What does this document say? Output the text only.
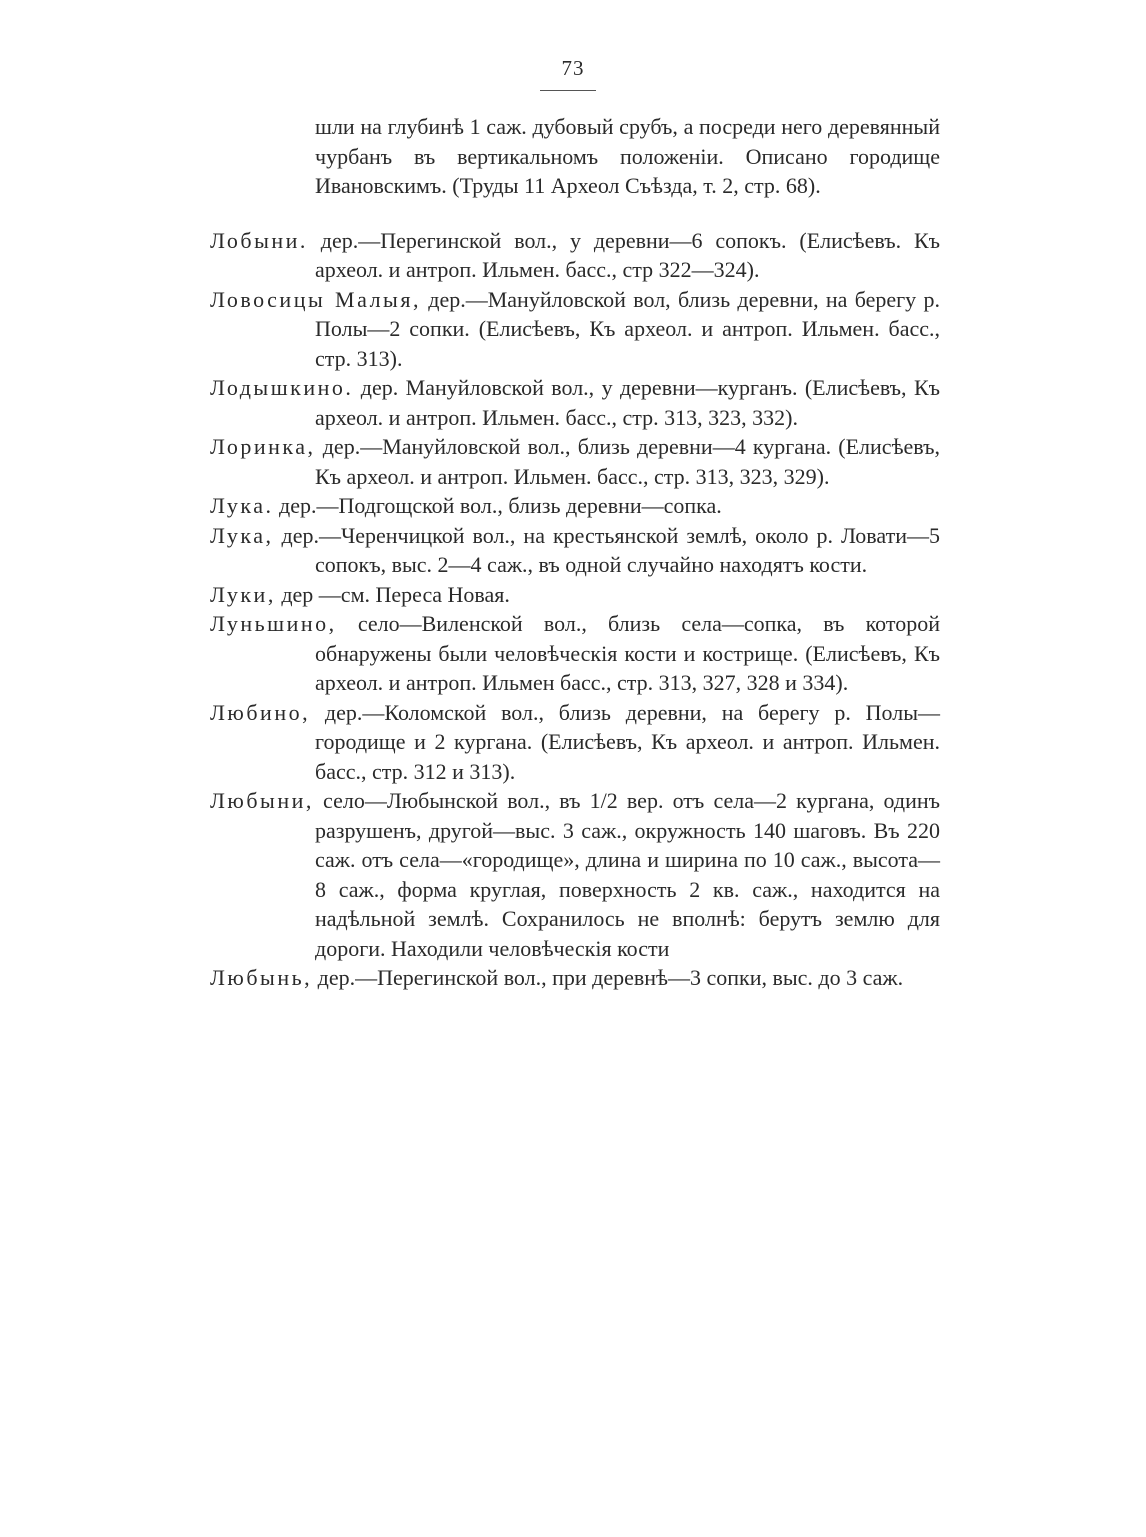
73
шли на глубинѣ 1 саж. дубовый срубъ, а посреди него деревянный чурбанъ въ вертикальномъ положенiи. Описано городище Ивановскимъ. (Труды 11 Археол Съѣзда, т. 2, стр. 68).
Лобыни. дер.—Перегинской вол., у деревни—6 сопокъ. (Елисѣевъ. Къ археол. и антроп. Ильмен. басс., стр 322—324).
Ловосицы Малыя, дер.—Мануйловской вол, близь деревни, на берегу р. Полы—2 сопки. (Елисѣевъ, Къ археол. и антроп. Ильмен. басс., стр. 313).
Лодышкино. дер. Мануйловской вол., у деревни—курганъ. (Елисѣевъ, Къ археол. и антроп. Ильмен. басс., стр. 313, 323, 332).
Лоринка, дер.—Мануйловской вол., близь деревни—4 кургана. (Елисѣевъ, Къ археол. и антроп. Ильмен. басс., стр. 313, 323, 329).
Лука. дер.—Подгощской вол., близь деревни—сопка.
Лука, дер.—Черенчицкой вол., на крестьянской землѣ, около р. Ловати—5 сопокъ, выс. 2—4 саж., въ одной случайно находятъ кости.
Луки, дер —см. Пересa Новая.
Луньшино, село—Виленской вол., близь села—сопка, въ которой обнаружены были человѣческiя кости и кострище. (Елисѣевъ, Къ археол. и антроп. Ильмен басс., стр. 313, 327, 328 и 334).
Любино, дер.—Коломской вол., близь деревни, на берегу р. Полы—городище и 2 кургана. (Елисѣевъ, Къ археол. и антроп. Ильмен. басс., стр. 312 и 313).
Любыни, село—Любынской вол., въ 1/2 вер. отъ села—2 кургана, одинъ разрушенъ, другой—выс. 3 саж., окружность 140 шаговъ. Въ 220 саж. отъ села—«городище», длина и ширина по 10 саж., высота—8 саж., форма круглая, поверхность 2 кв. саж., находится на надѣльной землѣ. Сохранилось не вполнѣ: берутъ землю для дороги. Находили человѣческiя кости
Любынь, дер.—Перегинской вол., при деревнѣ—3 сопки, выс. до 3 саж.
